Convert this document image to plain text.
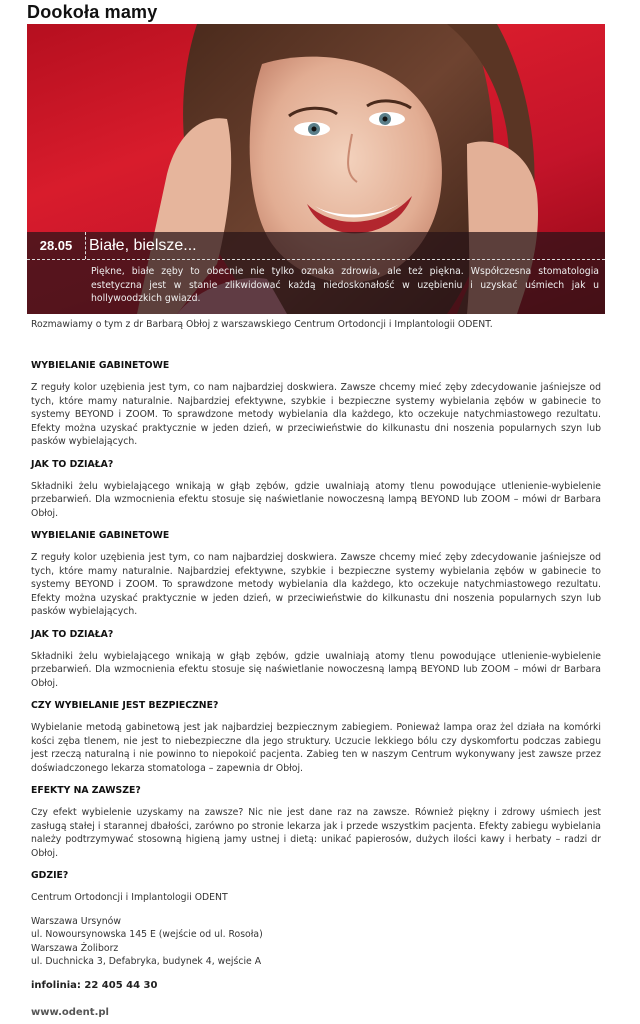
Dookoła mamy
28.05	Białe, bielsze...

Piękne, białe zęby to obecnie nie tylko oznaka zdrowia, ale też piękna. Współczesna stomatologia estetyczna jest w stanie zlikwidować każdą niedoskonałość w uzębieniu i uzyskać uśmiech jak u hollywoodzkich gwiazd.

Rozmawiamy o tym z dr Barbarą Obłoj z warszawskiego Centrum Ortodoncji i Implantologii ODENT.

WYBIELANIE GABINETOWE

Z reguły kolor uzębienia jest tym, co nam najbardziej doskwiera. Zawsze chcemy mieć zęby zdecydowanie jaśniejsze od tych, które mamy naturalnie. Najbardziej efektywne, szybkie i bezpieczne systemy wybielania zębów w gabinecie to systemy BEYOND i ZOOM. To sprawdzone metody wybielania dla każdego, kto oczekuje natychmiastowego rezultatu. Efekty można uzyskać praktycznie w jeden dzień, w przeciwieństwie do kilkunastu dni noszenia popularnych szyn lub pasków wybielających.

JAK TO DZIAŁA?

Składniki żelu wybielającego wnikają w głąb zębów, gdzie uwalniają atomy tlenu powodujące utlenienie-wybielenie przebarwień. Dla wzmocnienia efektu stosuje się naświetlanie nowoczesną lampą BEYOND lub ZOOM – mówi dr Barbara Obłoj.

WYBIELANIE GABINETOWE

Z reguły kolor uzębienia jest tym, co nam najbardziej doskwiera. Zawsze chcemy mieć zęby zdecydowanie jaśniejsze od tych, które mamy naturalnie. Najbardziej efektywne, szybkie i bezpieczne systemy wybielania zębów w gabinecie to systemy BEYOND i ZOOM. To sprawdzone metody wybielania dla każdego, kto oczekuje natychmiastowego rezultatu. Efekty można uzyskać praktycznie w jeden dzień, w przeciwieństwie do kilkunastu dni noszenia popularnych szyn lub pasków wybielających.

JAK TO DZIAŁA?

Składniki żelu wybielającego wnikają w głąb zębów, gdzie uwalniają atomy tlenu powodujące utlenienie-wybielenie przebarwień. Dla wzmocnienia efektu stosuje się naświetlanie nowoczesną lampą BEYOND lub ZOOM – mówi dr Barbara Obłoj.

CZY WYBIELANIE JEST BEZPIECZNE?

Wybielanie metodą gabinetową jest jak najbardziej bezpiecznym zabiegiem. Ponieważ lampa oraz żel działa na komórki kości zęba tlenem, nie jest to niebezpieczne dla jego struktury. Uczucie lekkiego bólu czy dyskomfortu podczas zabiegu jest rzeczą naturalną i nie powinno to niepokoić pacjenta. Zabieg ten w naszym Centrum wykonywany jest zawsze przez doświadczonego lekarza stomatologa – zapewnia dr Obłoj.

EFEKTY NA ZAWSZE?

Czy efekt wybielenie uzyskamy na zawsze? Nic nie jest dane raz na zawsze. Również piękny i zdrowy uśmiech jest zasługą stałej i starannej dbałości, zarówno po stronie lekarza jak i przede wszystkim pacjenta. Efekty zabiegu wybielania należy podtrzymywać stosowną higieną jamy ustnej i dietą: unikać papierosów, dużych ilości kawy i herbaty – radzi dr Obłoj.

GDZIE?

Centrum Ortodoncji i Implantologii ODENT

Warszawa Ursynów
ul. Nowoursynowska 145 E (wejście od ul. Rosoła)
Warszawa Żoliborz
ul. Duchnicka 3, Defabryka, budynek 4, wejście A

infolinia: 22 405 44 30

www.odent.pl
